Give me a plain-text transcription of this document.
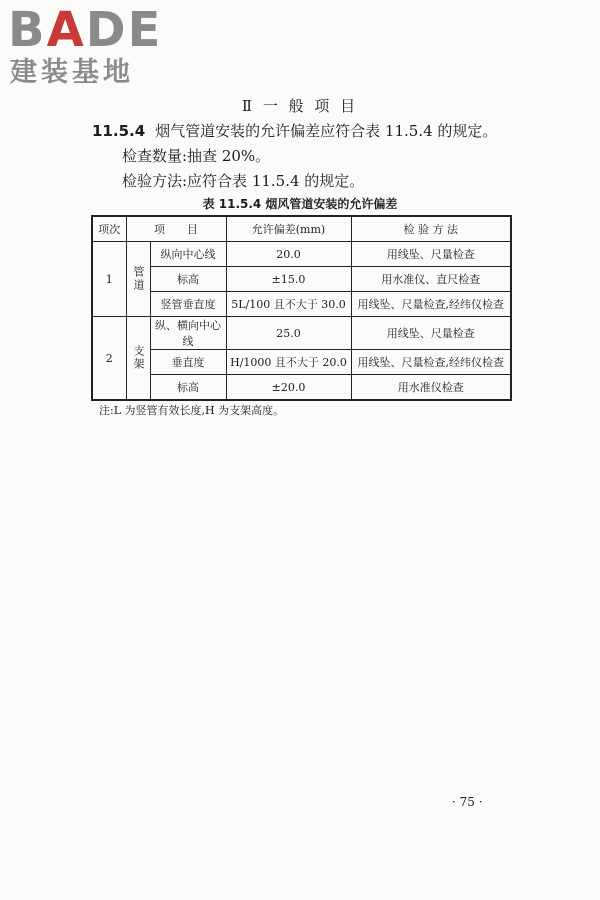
BADE
建装基地
Ⅱ 一 般 项 目
11.5.4 烟气管道安装的允许偏差应符合表 11.5.4 的规定。
检查数量:抽查 20%。
检验方法:应符合表 11.5.4 的规定。
表 11.5.4 烟风管道安装的允许偏差
项次	项　　目		允许偏差(mm)	检 验 方 法
1	管道	纵向中心线	20.0	用线坠、尺量检查
		标高	±15.0	用水准仪、直尺检查
		竖管垂直度	5L/100 且不大于 30.0	用线坠、尺量检查,经纬仪检查
2	支架	纵、横向中心线	25.0	用线坠、尺量检查
		垂直度	H/1000 且不大于 20.0	用线坠、尺量检查,经纬仪检查
		标高	±20.0	用水准仪检查
注:L 为竖管有效长度,H 为支架高度。
· 75 ·
